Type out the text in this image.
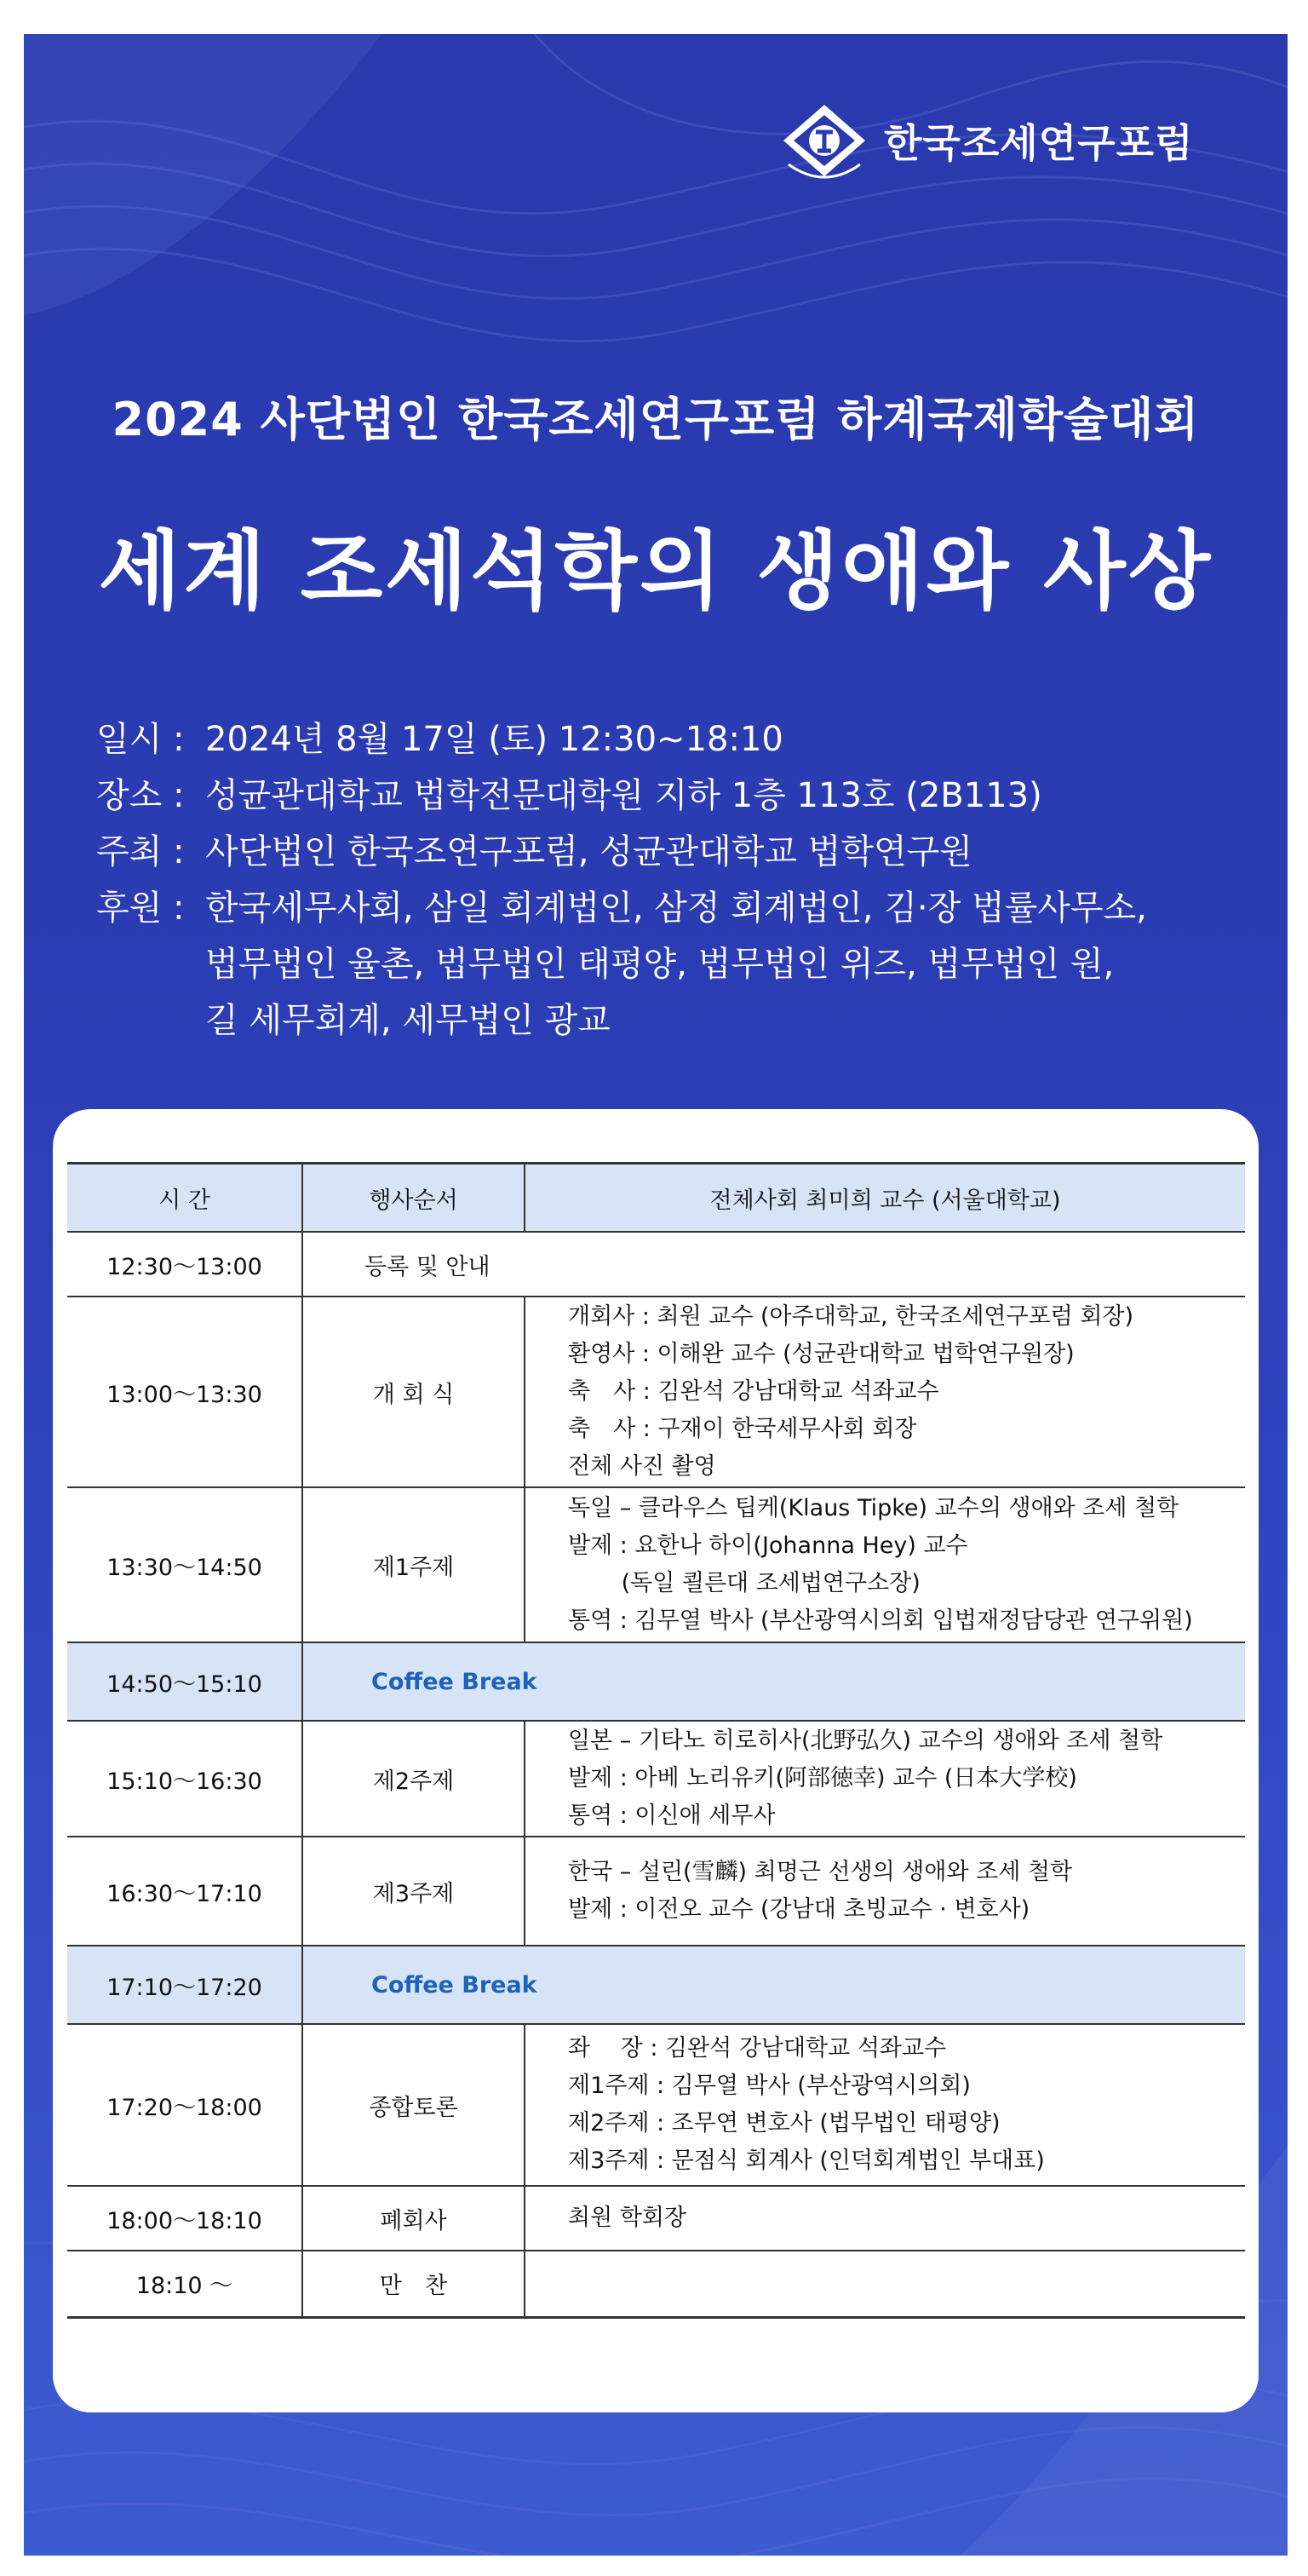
한국조세연구포럼
2024 사단법인 한국조세연구포럼 하계국제학술대회
세계 조세석학의 생애와 사상
일시 : 2024년 8월 17일 (토) 12:30~18:10
장소 : 성균관대학교 법학전문대학원 지하 1층 113호 (2B113)
주최 : 사단법인 한국조연구포럼, 성균관대학교 법학연구원
후원 : 한국세무사회, 삼일 회계법인, 삼정 회계법인, 김·장 법률사무소,
법무법인 율촌, 법무법인 태평양, 법무법인 위즈, 법무법인 원,
길 세무회계, 세무법인 광교
시 간	행사순서	전체사회 최미희 교수 (서울대학교)
12:30～13:00	등록 및 안내	
13:00～13:30	개 회 식	개회사 : 최원 교수 (아주대학교, 한국조세연구포럼 회장)
환영사 : 이해완 교수 (성균관대학교 법학연구원장)
축　사 : 김완석 강남대학교 석좌교수
축　사 : 구재이 한국세무사회 회장
전체 사진 촬영

13:30～14:50	제1주제	독일 – 클라우스 팁케(Klaus Tipke) 교수의 생애와 조세 철학
발제 : 요한나 하이(Johanna Hey) 교수
　　 (독일 쾰른대 조세법연구소장)
통역 : 김무열 박사 (부산광역시의회 입법재정담당관 연구위원)

14:50～15:10	Coffee Break	
15:10～16:30	제2주제	일본 – 기타노 히로히사(北野弘久) 교수의 생애와 조세 철학
발제 : 아베 노리유키(阿部徳幸) 교수 (日本大学校)
통역 : 이신애 세무사

16:30～17:10	제3주제	한국 – 설린(雪麟) 최명근 선생의 생애와 조세 철학
발제 : 이전오 교수 (강남대 초빙교수 · 변호사)

17:10～17:20	Coffee Break	
17:20～18:00	종합토론	좌　 장 : 김완석 강남대학교 석좌교수
제1주제 : 김무열 박사 (부산광역시의회)
제2주제 : 조무연 변호사 (법무법인 태평양)
제3주제 : 문점식 회계사 (인덕회계법인 부대표)

18:00～18:10	폐회사	최원 학회장

18:10 ～	만　찬	
